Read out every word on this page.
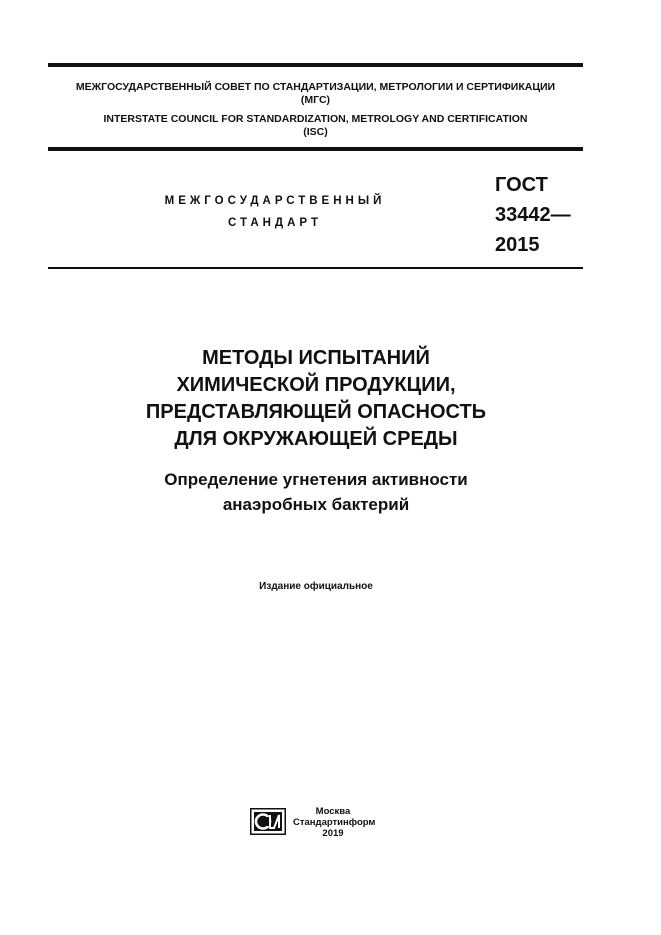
МЕЖГОСУДАРСТВЕННЫЙ СОВЕТ ПО СТАНДАРТИЗАЦИИ, МЕТРОЛОГИИ И СЕРТИФИКАЦИИ
(МГС)
INTERSTATE COUNCIL FOR STANDARDIZATION, METROLOGY AND CERTIFICATION
(ISC)
МЕЖГОСУДАРСТВЕННЫЙ
СТАНДАРТ
ГОСТ
33442—
2015
МЕТОДЫ ИСПЫТАНИЙ
ХИМИЧЕСКОЙ ПРОДУКЦИИ,
ПРЕДСТАВЛЯЮЩЕЙ ОПАСНОСТЬ
ДЛЯ ОКРУЖАЮЩЕЙ СРЕДЫ
Определение угнетения активности
анаэробных бактерий
Издание официальное
Москва
Стандартинформ
2019
